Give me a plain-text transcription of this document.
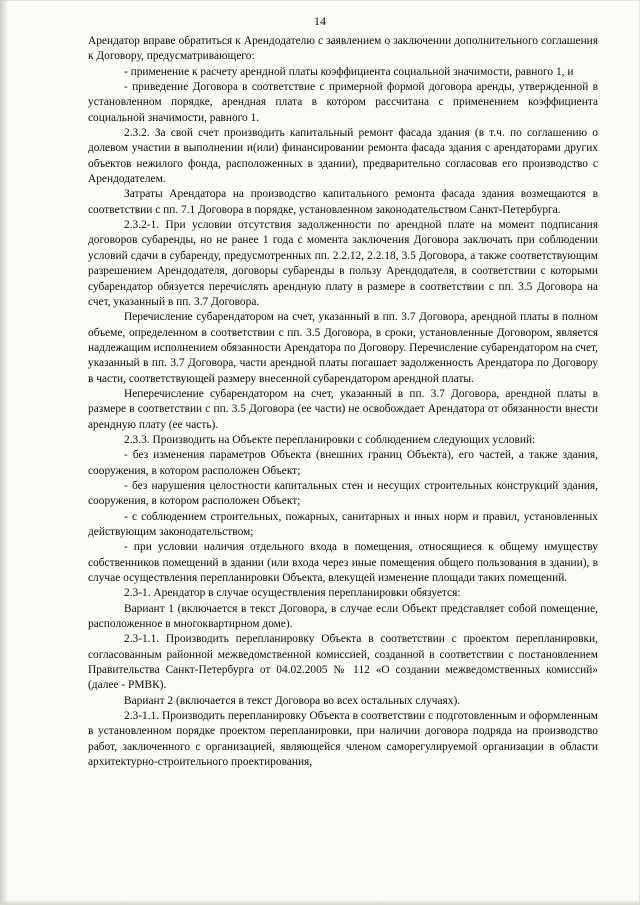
14

Арендатор вправе обратиться к Арендодателю с заявлением о заключении дополнительного соглашения к Договору, предусматривающего:

- применение к расчету арендной платы коэффициента социальной значимости, равного 1, и

- приведение Договора в соответствие с примерной формой договора аренды, утвержденной в установленном порядке, арендная плата в котором рассчитана с применением коэффициента социальной значимости, равного 1.

2.3.2. За свой счет производить капитальный ремонт фасада здания (в т.ч. по соглашению о долевом участии в выполнении и(или) финансировании ремонта фасада здания с арендаторами других объектов нежилого фонда, расположенных в здании), предварительно согласовав его производство с Арендодателем.

Затраты Арендатора на производство капитального ремонта фасада здания возмещаются в соответствии с пп. 7.1 Договора в порядке, установленном законодательством Санкт-Петербурга.

2.3.2-1. При условии отсутствия задолженности по арендной плате на момент подписания договоров субаренды, но не ранее 1 года с момента заключения Договора заключать при соблюдении условий сдачи в субаренду, предусмотренных пп. 2.2.12, 2.2.18, 3.5 Договора, а также соответствующим разрешением Арендодателя, договоры субаренды в пользу Арендодателя, в соответствии с которыми субарендатор обязуется перечислять арендную плату в размере в соответствии с пп. 3.5 Договора на счет, указанный в пп. 3.7 Договора.

Перечисление субарендатором на счет, указанный в пп. 3.7 Договора, арендной платы в полном объеме, определенном в соответствии с пп. 3.5 Договора, в сроки, установленные Договором, является надлежащим исполнением обязанности Арендатора по Договору. Перечисление субарендатором на счет, указанный в пп. 3.7 Договора, части арендной платы погашает задолженность Арендатора по Договору в части, соответствующей размеру внесенной субарендатором арендной платы.

Неперечисление субарендатором на счет, указанный в пп. 3.7 Договора, арендной платы в размере в соответствии с пп. 3.5 Договора (ее части) не освобождает Арендатора от обязанности внести арендную плату (ее часть).

2.3.3. Производить на Объекте перепланировки с соблюдением следующих условий:

- без изменения параметров Объекта (внешних границ Объекта), его частей, а также здания, сооружения, в котором расположен Объект;

- без нарушения целостности капитальных стен и несущих строительных конструкций здания, сооружения, в котором расположен Объект;

- с соблюдением строительных, пожарных, санитарных и иных норм и правил, установленных действующим законодательством;

- при условии наличия отдельного входа в помещения, относящиеся к общему имуществу собственников помещений в здании (или входа через иные помещения общего пользования в здании), в случае осуществления перепланировки Объекта, влекущей изменение площади таких помещений.

2.3-1. Арендатор в случае осуществления перепланировки обязуется:

Вариант 1 (включается в текст Договора, в случае если Объект представляет собой помещение, расположенное в многоквартирном доме).

2.3-1.1. Производить перепланировку Объекта в соответствии с проектом перепланировки, согласованным районной межведомственной комиссией, созданной в соответствии с постановлением Правительства Санкт-Петербурга от 04.02.2005 № 112 «О создании межведомственных комиссий» (далее - РМВК).

Вариант 2 (включается в текст Договора во всех остальных случаях).

2.3-1.1. Производить перепланировку Объекта в соответствии с подготовленным и оформленным в установленном порядке проектом перепланировки, при наличии договора подряда на производство работ, заключенного с организацией, являющейся членом саморегулируемой организации в области архитектурно-строительного проектирования,
